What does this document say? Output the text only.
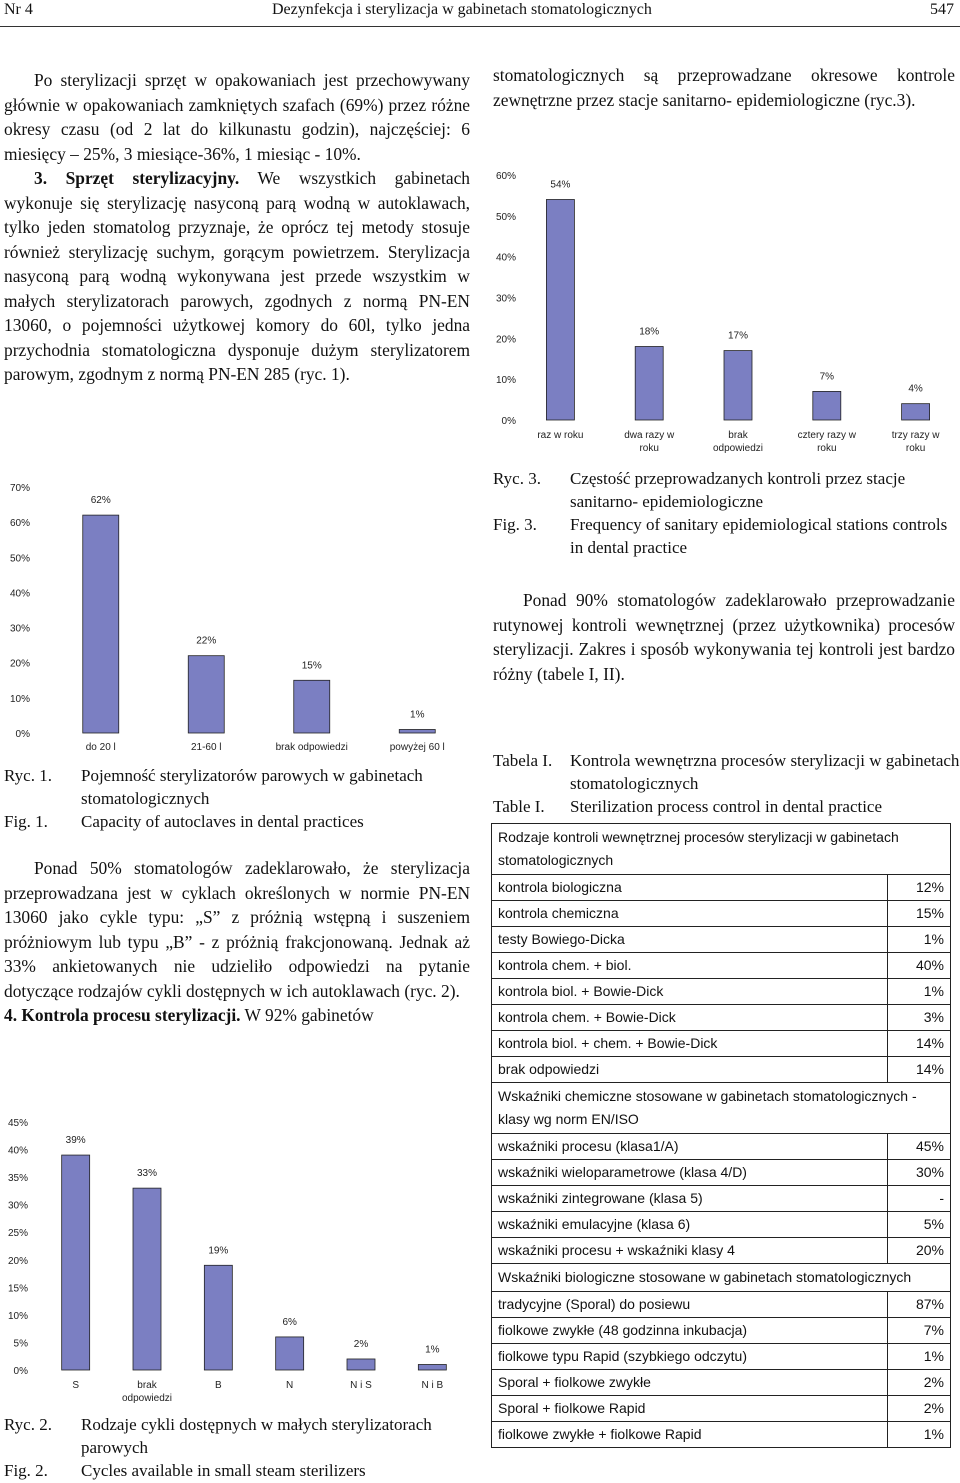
Nr 4	Dezynfekcja i sterylizacja w gabinetach stomatologicznych	547

Po sterylizacji sprzęt w opakowaniach jest przechowywany głównie w opakowaniach zamkniętych szafach (69%) przez różne okresy czasu (od 2 lat do kilkunastu godzin), najczęściej: 6 miesięcy – 25%, 3 miesiące-36%, 1 miesiąc - 10%.

3. Sprzęt sterylizacyjny. We wszystkich gabinetach wykonuje się sterylizację nasyconą parą wodną w autoklawach, tylko jeden stomatolog przyznaje, że oprócz tej metody stosuje również sterylizację suchym, gorącym powietrzem. Sterylizacja nasyconą parą wodną wykonywana jest przede wszystkim w małych sterylizatorach parowych, zgodnych z normą PN-EN 13060, o pojemności użytkowej komory do 60l, tylko jedna przychodnia stomatologiczna dysponuje dużym sterylizatorem parowym, zgodnym z normą PN-EN 285 (ryc. 1).

0%
10%
20%
30%
40%
50%
60%
70%
62%
do 20 l
22%
21-60 l
15%
brak odpowiedzi
1%
powyżej 60 l
Ryc. 1. Pojemność sterylizatorów parowych w gabinetach stomatologicznych
Fig. 1. Capacity of autoclaves in dental practices

Ponad 50% stomatologów zadeklarowało, że sterylizacja przeprowadzana jest w cyklach określonych w normie PN-EN 13060 jako cykle typu: „S” z próżnią wstępną i suszeniem próżniowym lub typu „B” - z próżnią frakcjonowaną. Jednak aż 33% ankietowanych nie udzieliło odpowiedzi na pytanie dotyczące rodzajów cykli dostępnych w ich autoklawach (ryc. 2).

4. Kontrola procesu sterylizacji. W 92% gabinetów

0%
5%
10%
15%
20%
25%
30%
35%
40%
45%
39%
S
33%
brak odpowiedzi
19%
B
6%
N
2%
N i S
1%
N i B
Ryc. 2. Rodzaje cykli dostępnych w małych sterylizatorach parowych
Fig. 2. Cycles available in small steam sterilizers

stomatologicznych są przeprowadzane okresowe kontrole zewnętrzne przez stacje sanitarno- epidemiologiczne (ryc.3).

0%
10%
20%
30%
40%
50%
60%
54%
raz w roku
18%
dwa razy w roku
17%
brak odpowiedzi
7%
cztery razy w roku
4%
trzy razy w roku
Ryc. 3. Częstość przeprowadzanych kontroli przez stacje sanitarno- epidemiologiczne
Fig. 3. Frequency of sanitary epidemiological stations controls in dental practice

Ponad 90% stomatologów zadeklarowało przeprowadzanie rutynowej kontroli wewnętrznej (przez użytkownika) procesów sterylizacji. Zakres i sposób wykonywania tej kontroli jest bardzo różny (tabele I, II).

Tabela I. Kontrola wewnętrzna procesów sterylizacji w gabinetach stomatologicznych
Table I. Sterilization process control in dental practice
Rodzaje kontroli wewnętrznej procesów sterylizacji w gabinetach stomatologicznych	
kontrola biologiczna	12%
kontrola chemiczna	15%
testy Bowiego-Dicka	1%
kontrola chem. + biol.	40%
kontrola biol. + Bowie-Dick	1%
kontrola chem. + Bowie-Dick	3%
kontrola biol. + chem. + Bowie-Dick	14%
brak odpowiedzi	14%
Wskaźniki chemiczne stosowane w gabinetach stomatologicznych - klasy wg norm EN/ISO	
wskaźniki procesu (klasa1/A)	45%
wskaźniki wieloparametrowe (klasa 4/D)	30%
wskaźniki zintegrowane (klasa 5)	-
wskaźniki emulacyjne (klasa 6)	5%
wskaźniki procesu + wskaźniki klasy 4	20%
Wskaźniki biologiczne stosowane w gabinetach stomatologicznych	
tradycyjne (Sporal) do posiewu	87%
fiolkowe zwykłe (48 godzinna inkubacja)	7%
fiolkowe typu Rapid (szybkiego odczytu)	1%
Sporal + fiolkowe zwykłe	2%
Sporal + fiolkowe Rapid	2%
fiolkowe zwykłe + fiolkowe Rapid	1%
